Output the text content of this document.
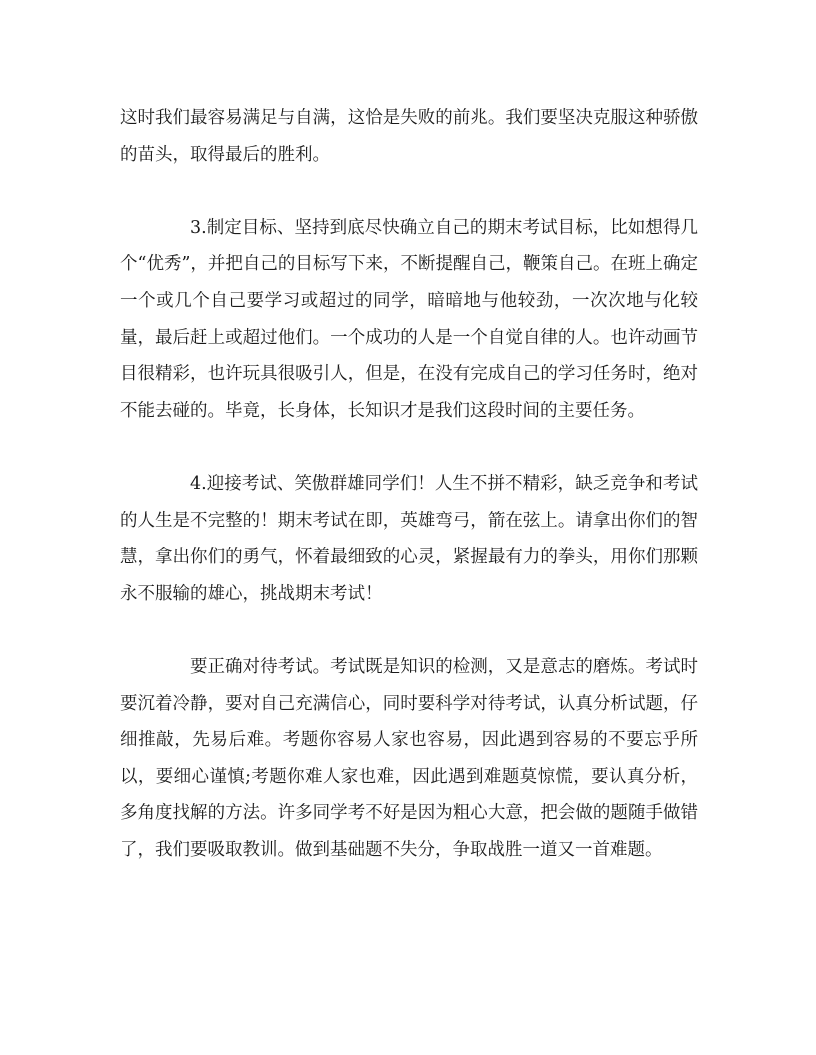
这时我们最容易满足与自满，这恰是失败的前兆。我们要坚决克服这种骄傲的苗头，取得最后的胜利。

3.制定目标、坚持到底尽快确立自己的期末考试目标，比如想得几个“优秀”，并把自己的目标写下来，不断提醒自己，鞭策自己。在班上确定一个或几个自己要学习或超过的同学，暗暗地与他较劲，一次次地与化较量，最后赶上或超过他们。一个成功的人是一个自觉自律的人。也许动画节目很精彩，也许玩具很吸引人，但是，在没有完成自己的学习任务时，绝对不能去碰的。毕竟，长身体，长知识才是我们这段时间的主要任务。

4.迎接考试、笑傲群雄同学们！人生不拼不精彩，缺乏竞争和考试的人生是不完整的！期末考试在即，英雄弯弓，箭在弦上。请拿出你们的智慧，拿出你们的勇气，怀着最细致的心灵，紧握最有力的拳头，用你们那颗永不服输的雄心，挑战期末考试！

要正确对待考试。考试既是知识的检测，又是意志的磨炼。考试时要沉着冷静，要对自己充满信心，同时要科学对待考试，认真分析试题，仔细推敲，先易后难。考题你容易人家也容易，因此遇到容易的不要忘乎所以，要细心谨慎;考题你难人家也难，因此遇到难题莫惊慌，要认真分析，多角度找解的方法。许多同学考不好是因为粗心大意，把会做的题随手做错了，我们要吸取教训。做到基础题不失分，争取战胜一道又一首难题。
